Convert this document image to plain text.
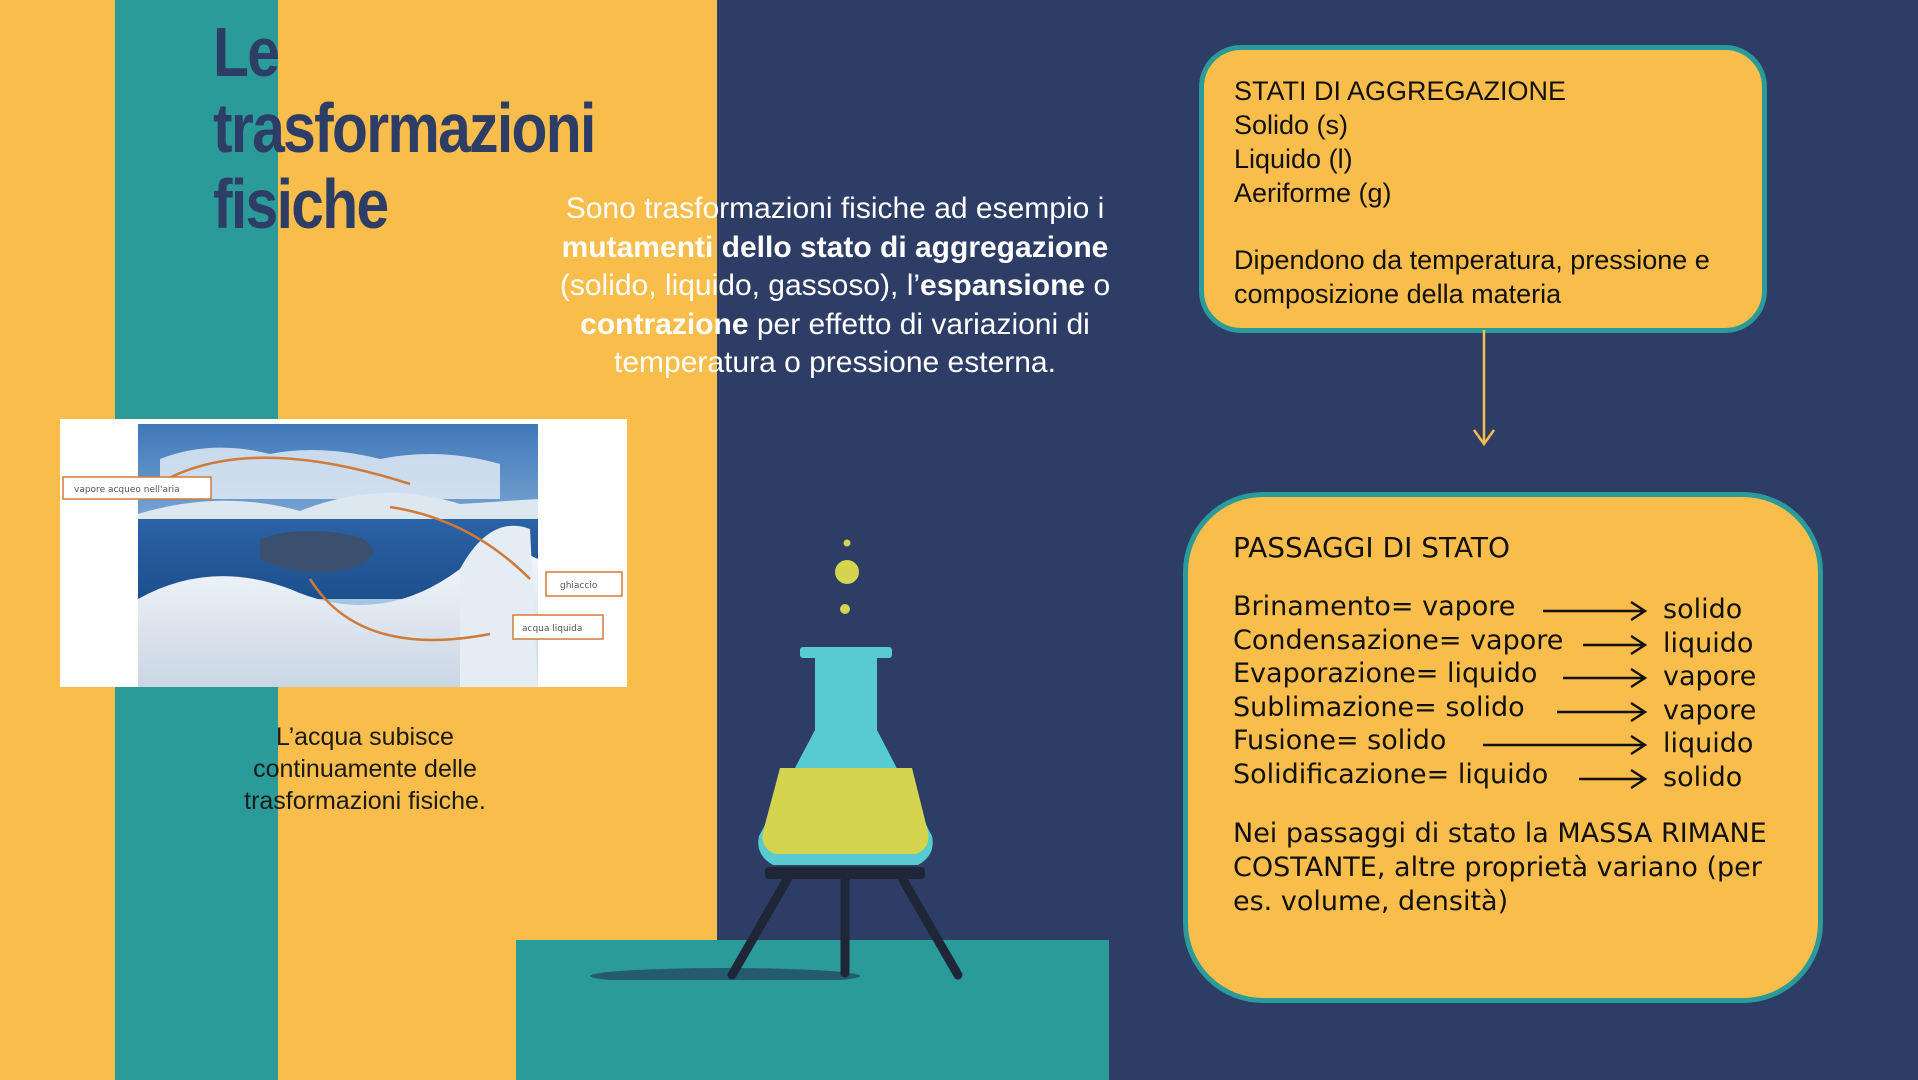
Le
trasformazioni
fisiche	Sono trasformazioni fisiche ad esempio i mutamenti dello stato di aggregazione (solido, liquido, gassoso), l’espansione o contrazione per effetto di variazioni di temperatura o pressione esterna.

vapore acqueo nell'aria
ghiaccio
acqua liquida

L’acqua subisce continuamente delle trasformazioni fisiche.

STATI DI AGGREGAZIONE

Solido (s)

Liquido (l)

Aeriforme (g)

Dipendono da temperatura, pressione e composizione della materia

PASSAGGI DI STATO

Brinamento= vapore	solido
Condensazione= vapore	liquido
Evaporazione= liquido	vapore
Sublimazione= solido	vapore
Fusione= solido	liquido
Solidificazione= liquido	solido

Nei passaggi di stato la MASSA RIMANE COSTANTE, altre proprietà variano (per es. volume, densità)
